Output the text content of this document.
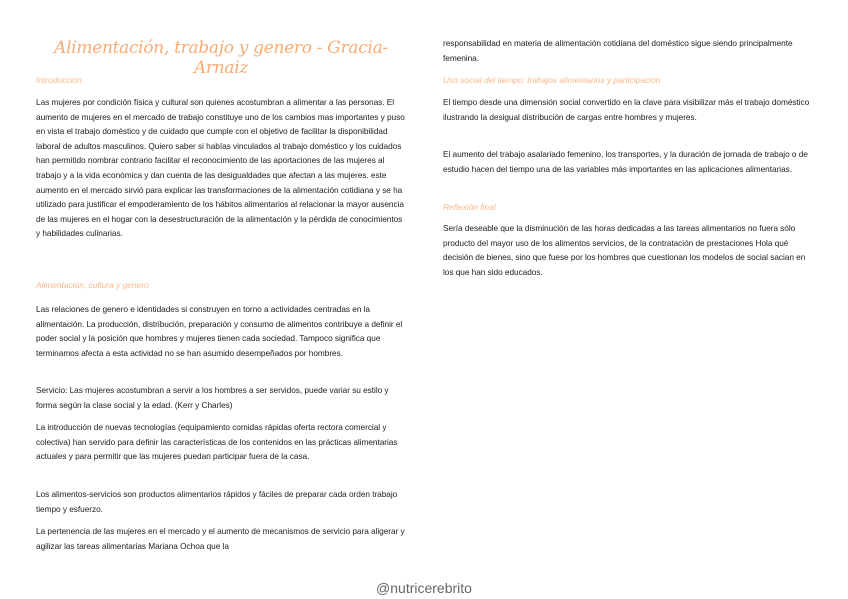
Alimentación, trabajo y genero - Gracia-Arnaiz
Introducción

Las mujeres por condición física y cultural son quienes acostumbran a alimentar a las personas. El aumento de mujeres en el mercado de trabajo constituye uno de los cambios mas importantes y puso en vista el trabajo doméstico y de cuidado que cumple con el objetivo de facilitar la disponibilidad laboral de adultos masculinos. Quiero saber si habías vinculados al trabajo doméstico y los cuidados han permitido nombrar contrario facilitar el reconocimiento de las aportaciones de las mujeres al trabajo y a la vida económica y dan cuenta de las desigualdades que afectan a las mujeres. este aumento en el mercado sirvió para explicar las transformaciones de la alimentación cotidiana y se ha utilizado para justificar el empoderamiento de los hábitos alimentarios al relacionar la mayor ausencia de las mujeres en el hogar con la desestructuración de la alimentación y la pérdida de conocimientos y habilidades culinarias.

Alimentación, cultura y genero

Las relaciones de genero e identidades si construyen en torno a actividades centradas en la alimentación. La producción, distribución, preparación y consumo de alimentos contribuye a definir el poder social y la posición que hombres y mujeres tienen cada sociedad. Tampoco significa que terminamos afecta a esta actividad no se han asumido desempeñados por hombres.

Servicio: Las mujeres acostumbran a servir a los hombres a ser servidos, puede variar su estilo y forma según la clase social y la edad. (Kerr y Charles)

La introducción de nuevas tecnologías (equipamiento comidas rápidas oferta rectora comercial y colectiva) han servido para definir las características de los contenidos en las prácticas alimentarias actuales y para permitir que las mujeres puedan participar fuera de la casa.

Los alimentos-servicios son productos alimentarios rápidos y fáciles de preparar cada orden trabajo tiempo y esfuerzo.

La pertenencia de las mujeres en el mercado y el aumento de mecanismos de servicio para aligerar y agilizar las tareas alimentarias Mariana Ochoa que la

responsabilidad en materia de alimentación cotidiana del doméstico sigue siendo principalmente femenina.

Uso social del tiempo: trabajos alimentarios y participación

El tiempo desde una dimensión social convertido en la clave para visibilizar más el trabajo doméstico ilustrando la desigual distribución de cargas entre hombres y mujeres.

El aumento del trabajo asalariado femenino, los transportes, y la duración de jornada de trabajo o de estudio hacen del tiempo una de las variables más importantes en las aplicaciones alimentarias.

Reflexión final

Sería deseable que la disminución de las horas dedicadas a las tareas alimentarios no fuera sólo producto del mayor uso de los alimentos servicios, de la contratación de prestaciones Hola qué decisión de bienes, sino que fuese por los hombres que cuestionan los modelos de social sacian en los que han sido educados.

@nutricerebrito
